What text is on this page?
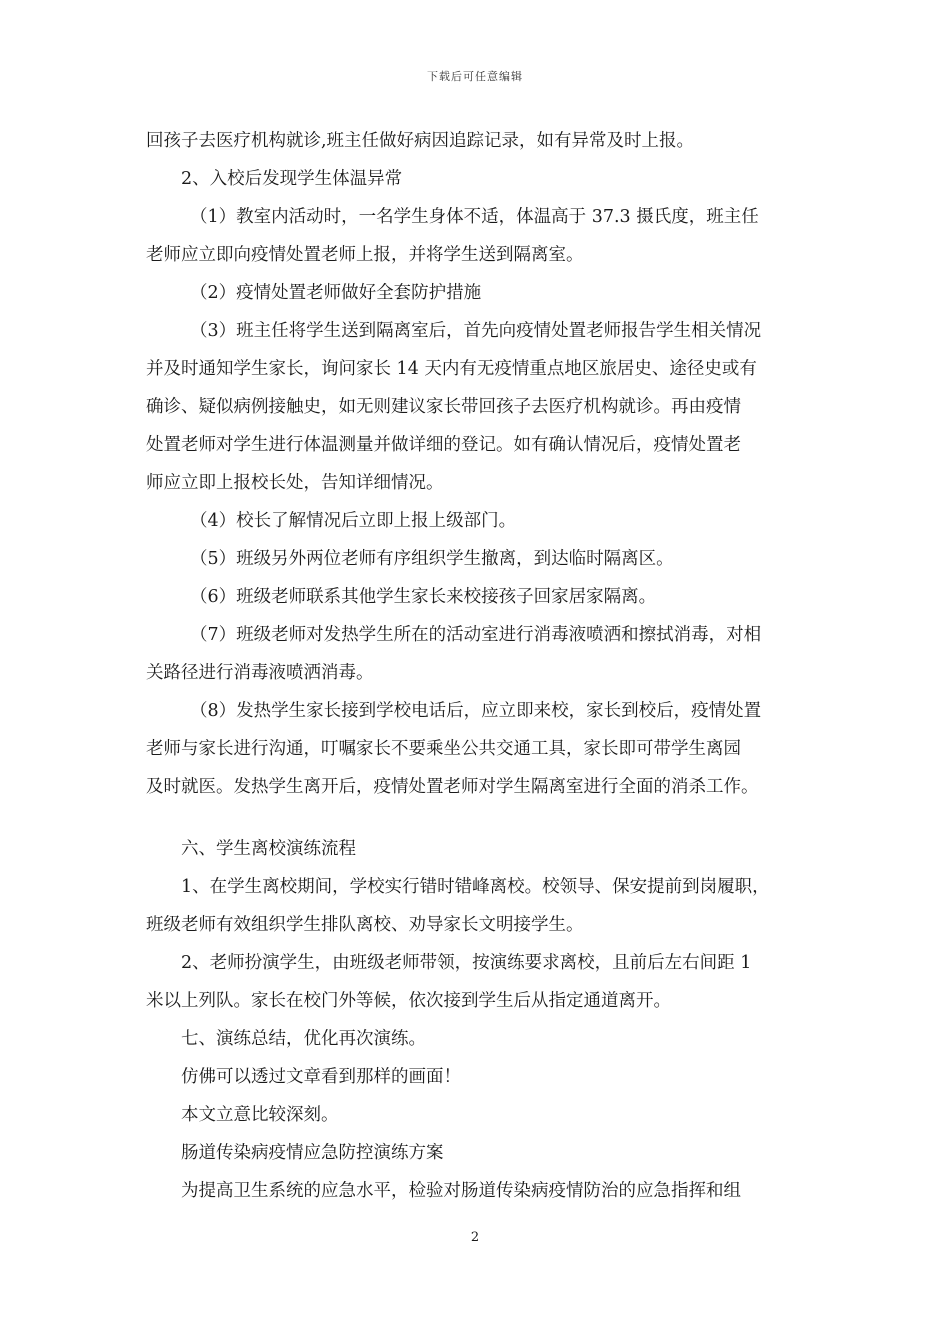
下载后可任意编辑
回孩子去医疗机构就诊,班主任做好病因追踪记录，如有异常及时上报。
2、入校后发现学生体温异常
（1）教室内活动时，一名学生身体不适，体温高于 37.3 摄氏度，班主任
老师应立即向疫情处置老师上报，并将学生送到隔离室。
（2）疫情处置老师做好全套防护措施
（3）班主任将学生送到隔离室后，首先向疫情处置老师报告学生相关情况
并及时通知学生家长，询问家长 14 天内有无疫情重点地区旅居史、途径史或有
确诊、疑似病例接触史，如无则建议家长带回孩子去医疗机构就诊。再由疫情
处置老师对学生进行体温测量并做详细的登记。如有确认情况后，疫情处置老
师应立即上报校长处，告知详细情况。
（4）校长了解情况后立即上报上级部门。
（5）班级另外两位老师有序组织学生撤离，到达临时隔离区。
（6）班级老师联系其他学生家长来校接孩子回家居家隔离。
（7）班级老师对发热学生所在的活动室进行消毒液喷洒和擦拭消毒，对相
关路径进行消毒液喷洒消毒。
（8）发热学生家长接到学校电话后，应立即来校，家长到校后，疫情处置
老师与家长进行沟通，叮嘱家长不要乘坐公共交通工具，家长即可带学生离园
及时就医。发热学生离开后，疫情处置老师对学生隔离室进行全面的消杀工作。
六、学生离校演练流程
1、在学生离校期间，学校实行错时错峰离校。校领导、保安提前到岗履职，
班级老师有效组织学生排队离校、劝导家长文明接学生。
2、老师扮演学生，由班级老师带领，按演练要求离校，且前后左右间距 1
米以上列队。家长在校门外等候，依次接到学生后从指定通道离开。
七、演练总结，优化再次演练。
仿佛可以透过文章看到那样的画面！
本文立意比较深刻。
肠道传染病疫情应急防控演练方案
为提高卫生系统的应急水平，检验对肠道传染病疫情防治的应急指挥和组
2
